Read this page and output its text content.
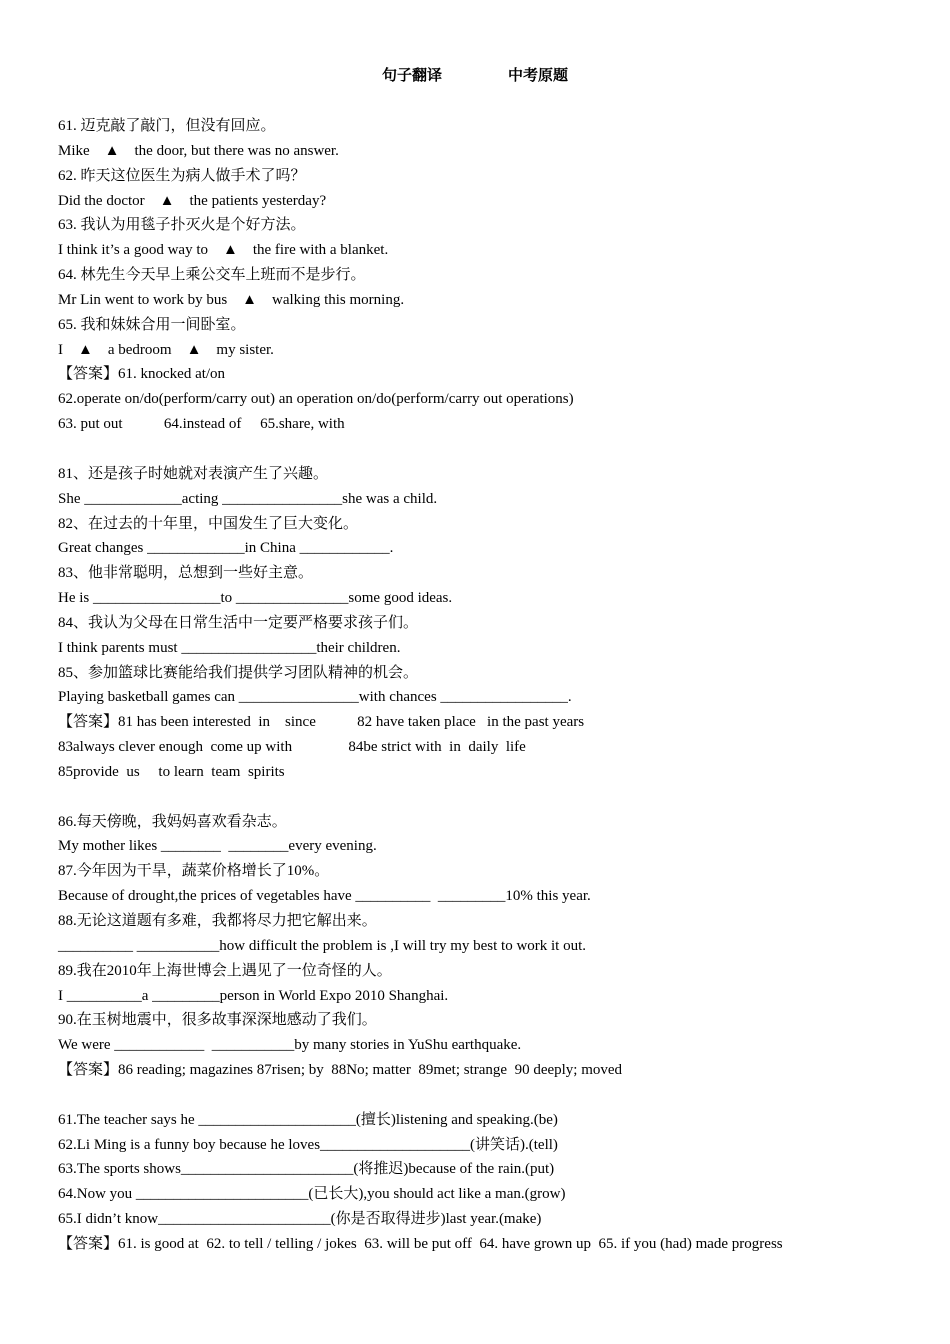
句子翻译	中考原题
61. 迈克敲了敲门，但没有回应。
Mike    ▲    the door, but there was no answer.
62. 昨天这位医生为病人做手术了吗？
Did the doctor    ▲    the patients yesterday?
63. 我认为用毯子扑灭火是个好方法。
I think it’s a good way to    ▲    the fire with a blanket.
64. 林先生今天早上乘公交车上班而不是步行。
Mr Lin went to work by bus    ▲    walking this morning.
65. 我和妹妹合用一间卧室。
I    ▲    a bedroom    ▲    my sister.
【答案】61. knocked at/on
62.operate on/do(perform/carry out) an operation on/do(perform/carry out operations)
63. put out           64.instead of     65.share, with
81、还是孩子时她就对表演产生了兴趣。
She _____________acting ________________she was a child.
82、在过去的十年里，中国发生了巨大变化。
Great changes _____________in China ____________.
83、他非常聪明，总想到一些好主意。
He is _________________to _______________some good ideas.
84、我认为父母在日常生活中一定要严格要求孩子们。
I think parents must __________________their children.
85、参加篮球比赛能给我们提供学习团队精神的机会。
Playing basketball games can ________________with chances _________________.
【答案】81 has been interested  in    since           82 have taken place   in the past years
83always clever enough  come up with               84be strict with  in  daily  life
85provide  us     to learn  team  spirits
86.每天傍晚，我妈妈喜欢看杂志。
My mother likes ________  ________every evening.
87.今年因为干旱，蔬菜价格增长了10%。
Because of drought,the prices of vegetables have __________  _________10% this year.
88.无论这道题有多难，我都将尽力把它解出来。
__________ ___________how difficult the problem is ,I will try my best to work it out.
89.我在2010年上海世博会上遇见了一位奇怪的人。
I __________a _________person in World Expo 2010 Shanghai.
90.在玉树地震中，很多故事深深地感动了我们。
We were ____________  ___________by many stories in YuShu earthquake.
【答案】86 reading; magazines 87risen; by  88No; matter  89met; strange  90 deeply; moved
61.The teacher says he _____________________(擅长)listening and speaking.(be)
62.Li Ming is a funny boy because he loves____________________(讲笑话).(tell)
63.The sports shows_______________________(将推迟)because of the rain.(put)
64.Now you _______________________(已长大),you should act like a man.(grow)
65.I didn’t know_______________________(你是否取得进步)last year.(make)
【答案】61. is good at  62. to tell / telling / jokes  63. will be put off  64. have grown up  65. if you (had) made progress
